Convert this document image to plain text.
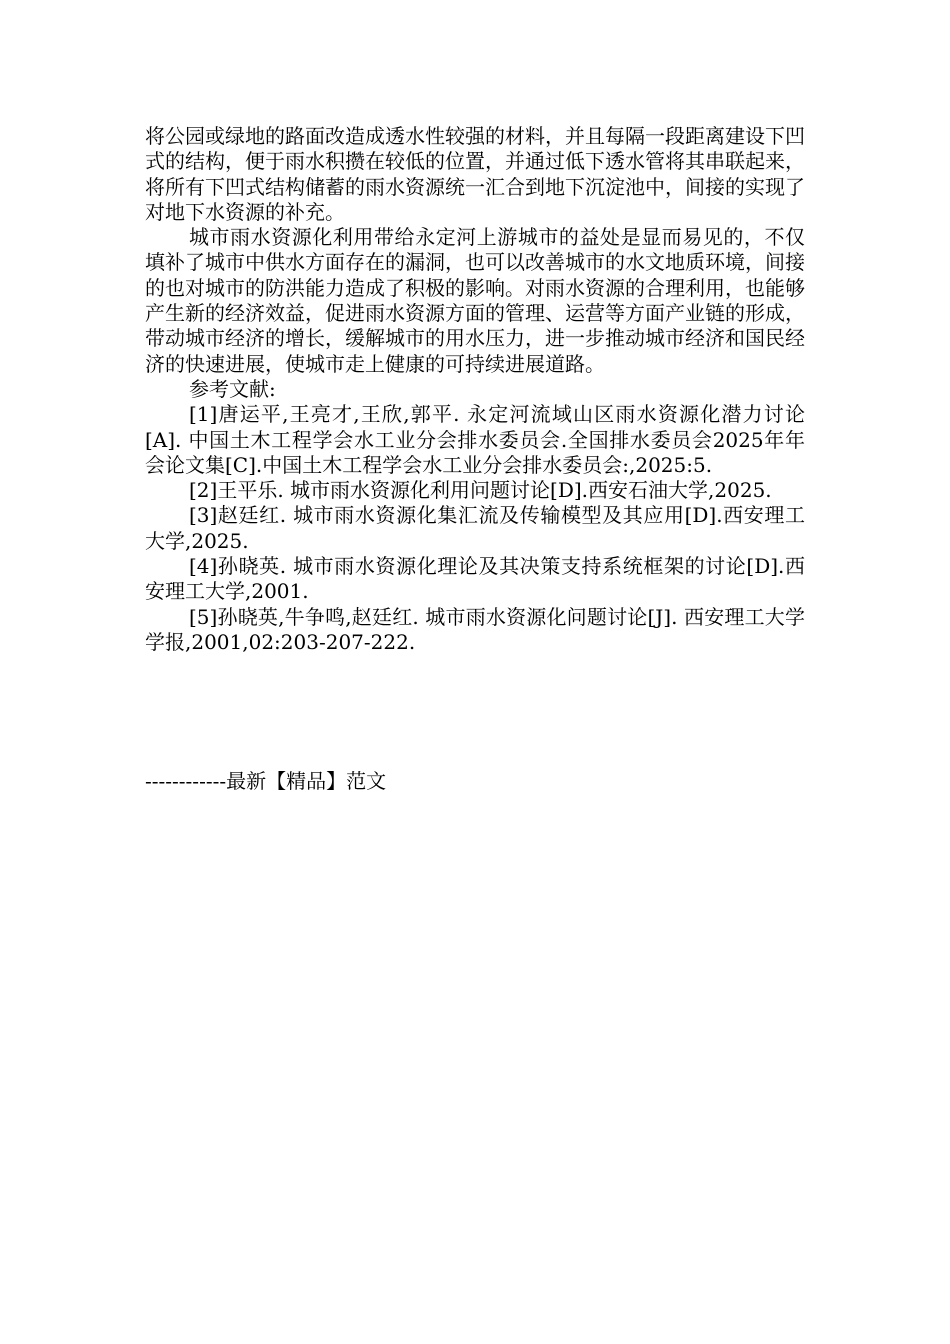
将公园或绿地的路面改造成透水性较强的材料，并且每隔一段距离建设下凹式的结构，便于雨水积攒在较低的位置，并通过低下透水管将其串联起来，将所有下凹式结构储蓄的雨水资源统一汇合到地下沉淀池中，间接的实现了对地下水资源的补充。

城市雨水资源化利用带给永定河上游城市的益处是显而易见的，不仅填补了城市中供水方面存在的漏洞，也可以改善城市的水文地质环境，间接的也对城市的防洪能力造成了积极的影响。对雨水资源的合理利用，也能够产生新的经济效益，促进雨水资源方面的管理、运营等方面产业链的形成，带动城市经济的增长，缓解城市的用水压力，进一步推动城市经济和国民经济的快速进展，使城市走上健康的可持续进展道路。

参考文献:

[1]唐运平,王亮才,王欣,郭平. 永定河流域山区雨水资源化潜力讨论[A]. 中国土木工程学会水工业分会排水委员会.全国排水委员会2025年年会论文集[C].中国土木工程学会水工业分会排水委员会:,2025:5.

[2]王平乐. 城市雨水资源化利用问题讨论[D].西安石油大学,2025.

[3]赵廷红. 城市雨水资源化集汇流及传输模型及其应用[D].西安理工大学,2025.

[4]孙晓英. 城市雨水资源化理论及其决策支持系统框架的讨论[D].西安理工大学,2001.

[5]孙晓英,牛争鸣,赵廷红. 城市雨水资源化问题讨论[J]. 西安理工大学学报,2001,02:203-207-222.

------------最新【精品】范文
